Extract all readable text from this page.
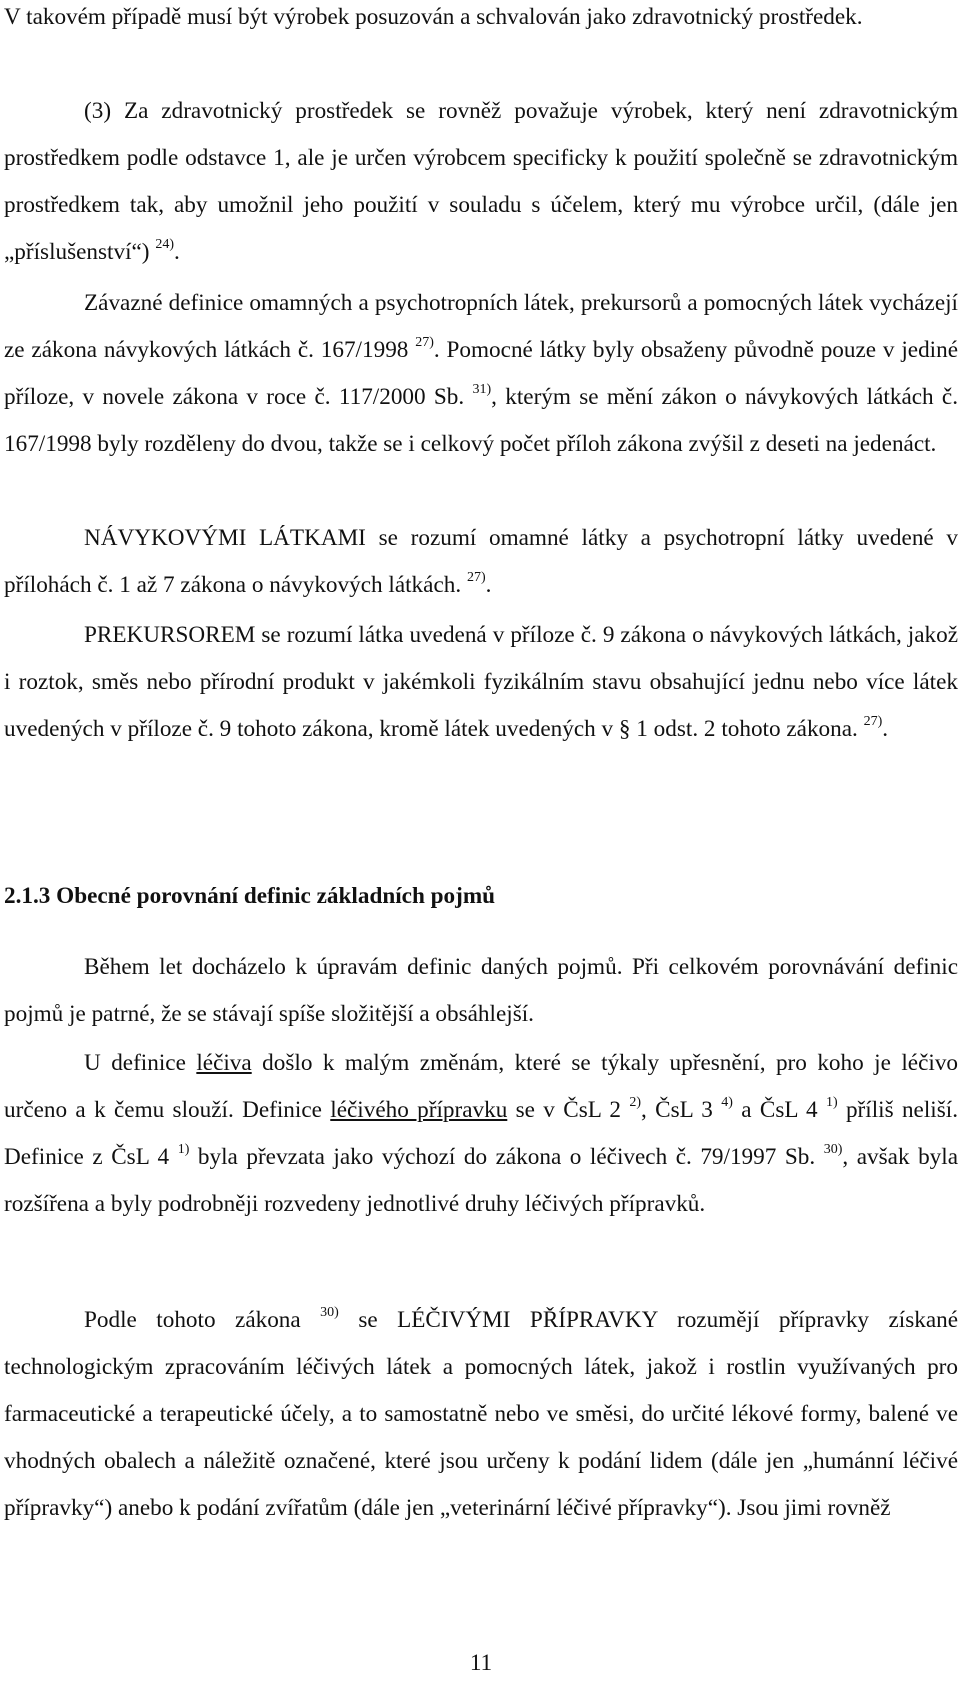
V takovém případě musí být výrobek posuzován a schvalován jako zdravotnický prostředek.

(3) Za zdravotnický prostředek se rovněž považuje výrobek, který není zdravotnickým prostředkem podle odstavce 1, ale je určen výrobcem specificky k použití společně se zdravotnickým prostředkem tak, aby umožnil jeho použití v souladu s účelem, který mu výrobce určil, (dále jen „příslušenství“) $^{24)}$.

Závazné definice omamných a psychotropních látek, prekursorů a pomocných látek vycházejí ze zákona návykových látkách č. 167/1998 $^{27)}$. Pomocné látky byly obsaženy původně pouze v jediné příloze, v novele zákona v roce č. 117/2000 Sb. $^{31)}$, kterým se mění zákon o návykových látkách č. 167/1998 byly rozděleny do dvou, takže se i celkový počet příloh zákona zvýšil z deseti na jedenáct.

NÁVYKOVÝMI LÁTKAMI se rozumí omamné látky a psychotropní látky uvedené v přílohách č. 1 až 7 zákona o návykových látkách. $^{27)}$.

PREKURSOREM se rozumí látka uvedená v příloze č. 9 zákona o návykových látkách, jakož i roztok, směs nebo přírodní produkt v jakémkoli fyzikálním stavu obsahující jednu nebo více látek uvedených v příloze č. 9 tohoto zákona, kromě látek uvedených v § 1 odst. 2 tohoto zákona. $^{27)}$.

2.1.3 Obecné porovnání definic základních pojmů

Během let docházelo k úpravám definic daných pojmů. Při celkovém porovnávání definic pojmů je patrné, že se stávají spíše složitější a obsáhlejší.

U definice léčiva došlo k malým změnám, které se týkaly upřesnění, pro koho je léčivo určeno a k čemu slouží. Definice léčivého přípravku se v ČsL 2 $^{2)}$, ČsL 3 $^{4)}$ a ČsL 4 $^{1)}$ příliš neliší. Definice z ČsL 4 $^{1)}$ byla převzata jako výchozí do zákona o léčivech č. 79/1997 Sb. $^{30)}$, avšak byla rozšířena a byly podrobněji rozvedeny jednotlivé druhy léčivých přípravků.

Podle tohoto zákona $^{30)}$ se LÉČIVÝMI PŘÍPRAVKY rozumějí přípravky získané technologickým zpracováním léčivých látek a pomocných látek, jakož i rostlin využívaných pro farmaceutické a terapeutické účely, a to samostatně nebo ve směsi, do určité lékové formy, balené ve vhodných obalech a náležitě označené, které jsou určeny k podání lidem (dále jen „humánní léčivé přípravky“) anebo k podání zvířatům (dále jen „veterinární léčivé přípravky“). Jsou jimi rovněž

11
